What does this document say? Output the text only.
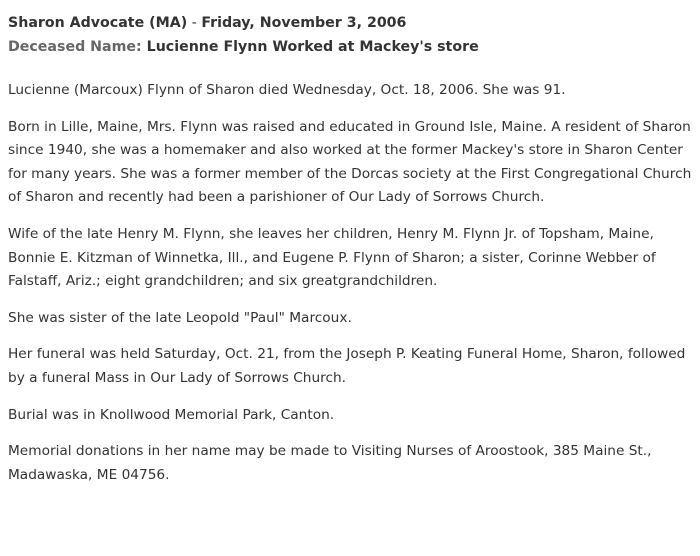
Sharon Advocate (MA) - Friday, November 3, 2006
Deceased Name: Lucienne Flynn Worked at Mackey's store

Lucienne (Marcoux) Flynn of Sharon died Wednesday, Oct. 18, 2006. She was 91.

Born in Lille, Maine, Mrs. Flynn was raised and educated in Ground Isle, Maine. A resident of Sharon since 1940, she was a homemaker and also worked at the former Mackey's store in Sharon Center for many years. She was a former member of the Dorcas society at the First Congregational Church of Sharon and recently had been a parishioner of Our Lady of Sorrows Church.

Wife of the late Henry M. Flynn, she leaves her children, Henry M. Flynn Jr. of Topsham, Maine, Bonnie E. Kitzman of Winnetka, Ill., and Eugene P. Flynn of Sharon; a sister, Corinne Webber of Falstaff, Ariz.; eight grandchildren; and six greatgrandchildren.

She was sister of the late Leopold "Paul" Marcoux.

Her funeral was held Saturday, Oct. 21, from the Joseph P. Keating Funeral Home, Sharon, followed by a funeral Mass in Our Lady of Sorrows Church.

Burial was in Knollwood Memorial Park, Canton.

Memorial donations in her name may be made to Visiting Nurses of Aroostook, 385 Maine St., Madawaska, ME 04756.
